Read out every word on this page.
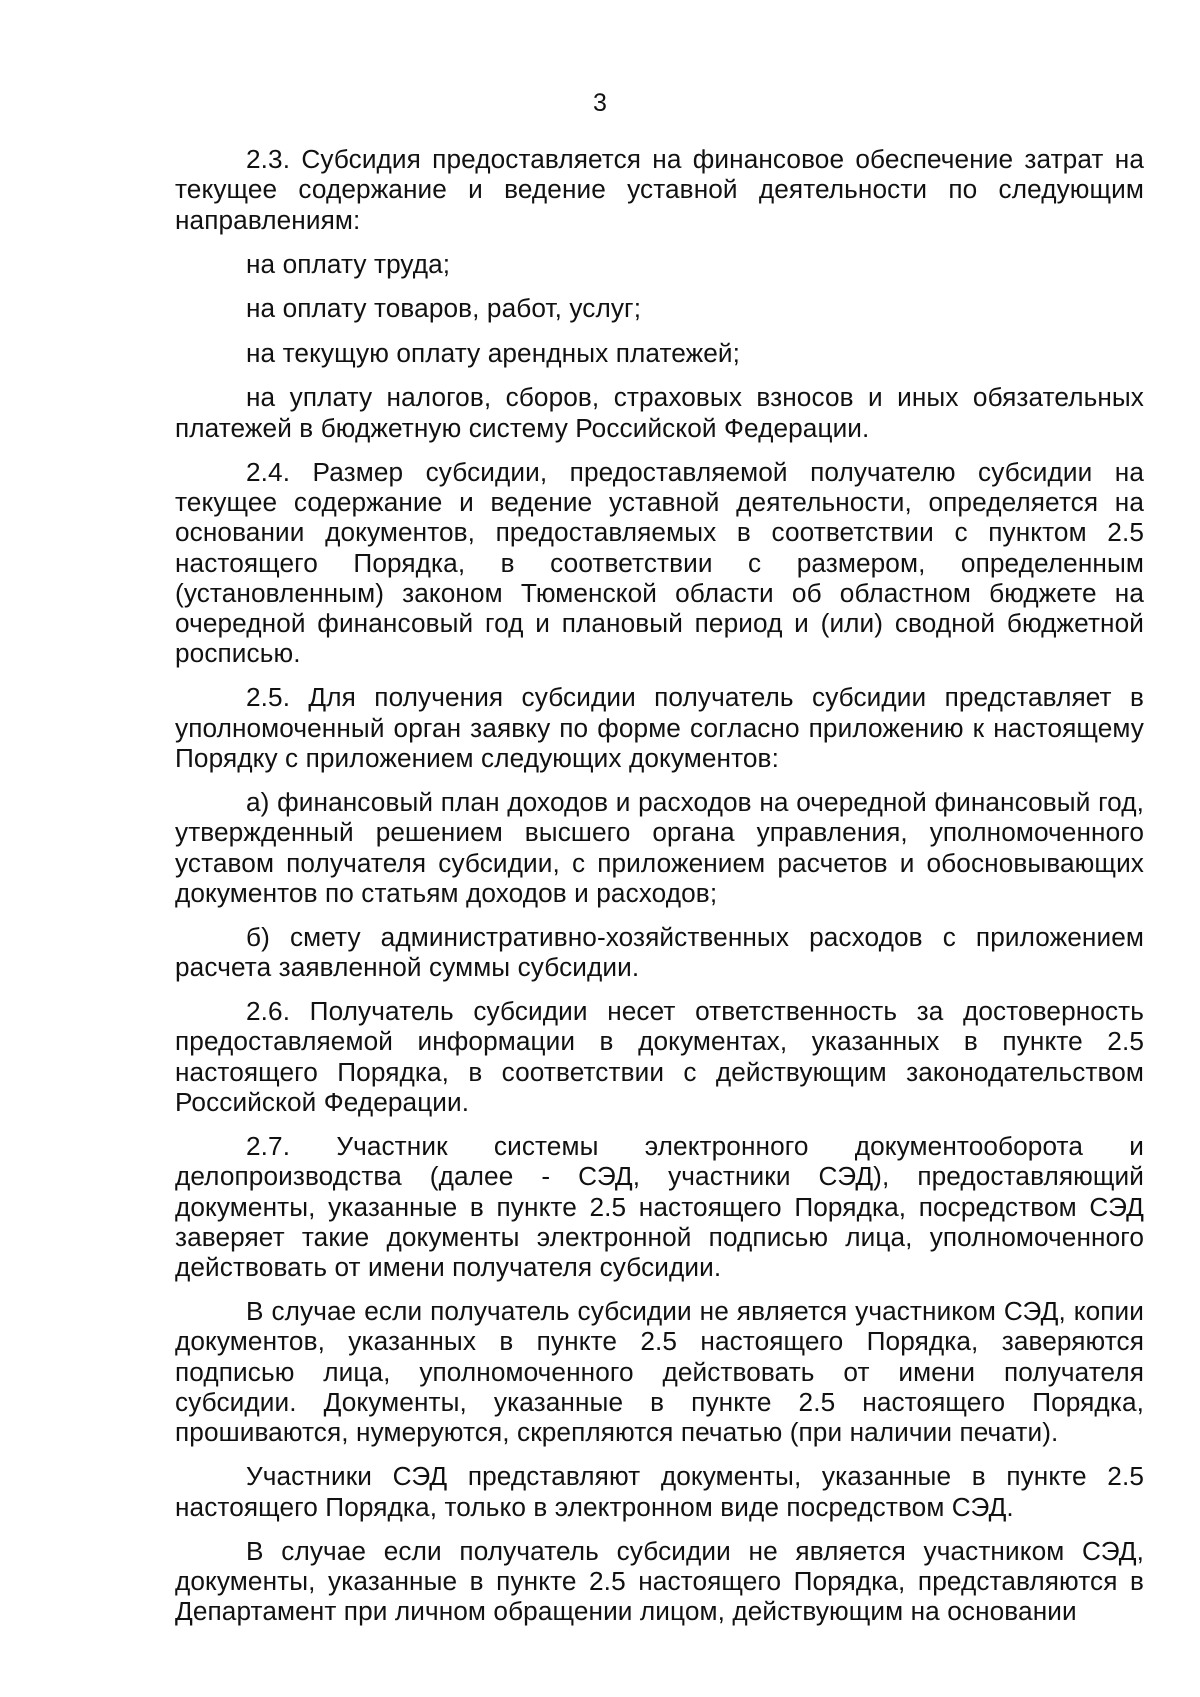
3

2.3. Субсидия предоставляется на финансовое обеспечение затрат на текущее содержание и ведение уставной деятельности по следующим направлениям:

на оплату труда;

на оплату товаров, работ, услуг;

на текущую оплату арендных платежей;

на уплату налогов, сборов, страховых взносов и иных обязательных платежей в бюджетную систему Российской Федерации.

2.4. Размер субсидии, предоставляемой получателю субсидии на текущее содержание и ведение уставной деятельности, определяется на основании документов, предоставляемых в соответствии с пунктом 2.5 настоящего Порядка, в соответствии с размером, определенным (установленным) законом Тюменской области об областном бюджете на очередной финансовый год и плановый период и (или) сводной бюджетной росписью.

2.5. Для получения субсидии получатель субсидии представляет в уполномоченный орган заявку по форме согласно приложению к настоящему Порядку с приложением следующих документов:

а) финансовый план доходов и расходов на очередной финансовый год, утвержденный решением высшего органа управления, уполномоченного уставом получателя субсидии, с приложением расчетов и обосновывающих документов по статьям доходов и расходов;

б) смету административно-хозяйственных расходов с приложением расчета заявленной суммы субсидии.

2.6. Получатель субсидии несет ответственность за достоверность предоставляемой информации в документах, указанных в пункте 2.5 настоящего Порядка, в соответствии с действующим законодательством Российской Федерации.

2.7. Участник системы электронного документооборота и делопроизводства (далее - СЭД, участники СЭД), предоставляющий документы, указанные в пункте 2.5 настоящего Порядка, посредством СЭД заверяет такие документы электронной подписью лица, уполномоченного действовать от имени получателя субсидии.

В случае если получатель субсидии не является участником СЭД, копии документов, указанных в пункте 2.5 настоящего Порядка, заверяются подписью лица, уполномоченного действовать от имени получателя субсидии. Документы, указанные в пункте 2.5 настоящего Порядка, прошиваются, нумеруются, скрепляются печатью (при наличии печати).

Участники СЭД представляют документы, указанные в пункте 2.5 настоящего Порядка, только в электронном виде посредством СЭД.

В случае если получатель субсидии не является участником СЭД, документы, указанные в пункте 2.5 настоящего Порядка, представляются в Департамент при личном обращении лицом, действующим на основании
